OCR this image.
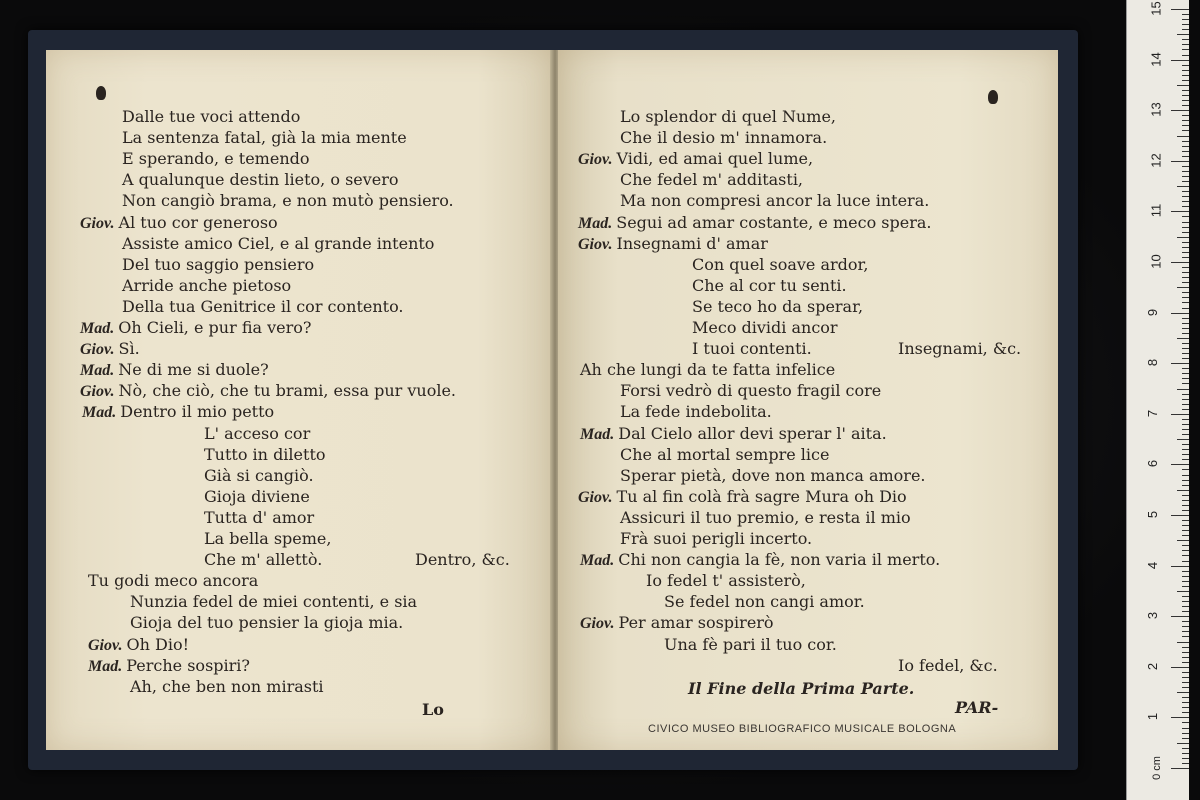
Dalle tue voci attendo
La sentenza fatal, già la mia mente
E sperando, e temendo
A qualunque destin lieto, o severo
Non cangiò brama, e non mutò pensiero.
Giov. Al tuo cor generoso
Assiste amico Ciel, e al grande intento
Del tuo saggio pensiero
Arride anche pietoso
Della tua Genitrice il cor contento.
Mad. Oh Cieli, e pur fia vero?
Giov. Sì.
Mad. Ne di me si duole?
Giov. Nò, che ciò, che tu brami, essa pur vuole.
Mad. Dentro il mio petto
L' acceso cor
Tutto in diletto
Già si cangiò.
Gioja diviene
Tutta d' amor
La bella speme,
Che m' allettò.	Dentro, &c.
Tu godi meco ancora
Nunzia fedel de miei contenti, e sia
Gioja del tuo pensier la gioja mia.
Giov. Oh Dio!
Mad. Perche sospiri?
Ah, che ben non mirasti
Lo splendor di quel Nume,
Che il desio m' innamora.
Giov. Vidi, ed amai quel lume,
Che fedel m' additasti,
Ma non compresi ancor la luce intera.
Mad. Segui ad amar costante, e meco spera.
Giov. Insegnami d' amar
Con quel soave ardor,
Che al cor tu senti.
Se teco ho da sperar,
Meco dividi ancor
I tuoi contenti.	Insegnami, &c.
Ah che lungi da te fatta infelice
Forsi vedrò di questo fragil core
La fede indebolita.
Mad. Dal Cielo allor devi sperar l' aita.
Che al mortal sempre lice
Sperar pietà, dove non manca amore.
Giov. Tu al fin colà frà sagre Mura oh Dio
Assicuri il tuo premio, e resta il mio
Frà suoi perigli incerto.
Mad. Chi non cangia la fè, non varia il merto.
Io fedel t' assisterò,
Se fedel non cangi amor.
Giov. Per amar sospirerò
Una fè pari il tuo cor.
Io fedel, &c.
Lo	PAR-
Il Fine della Prima Parte.
CIVICO MUSEO BIBLIOGRAFICO MUSICALE BOLOGNA
0 cm
1
2
3
4
5
6
7
8
9
10
11
12
13
14
15
